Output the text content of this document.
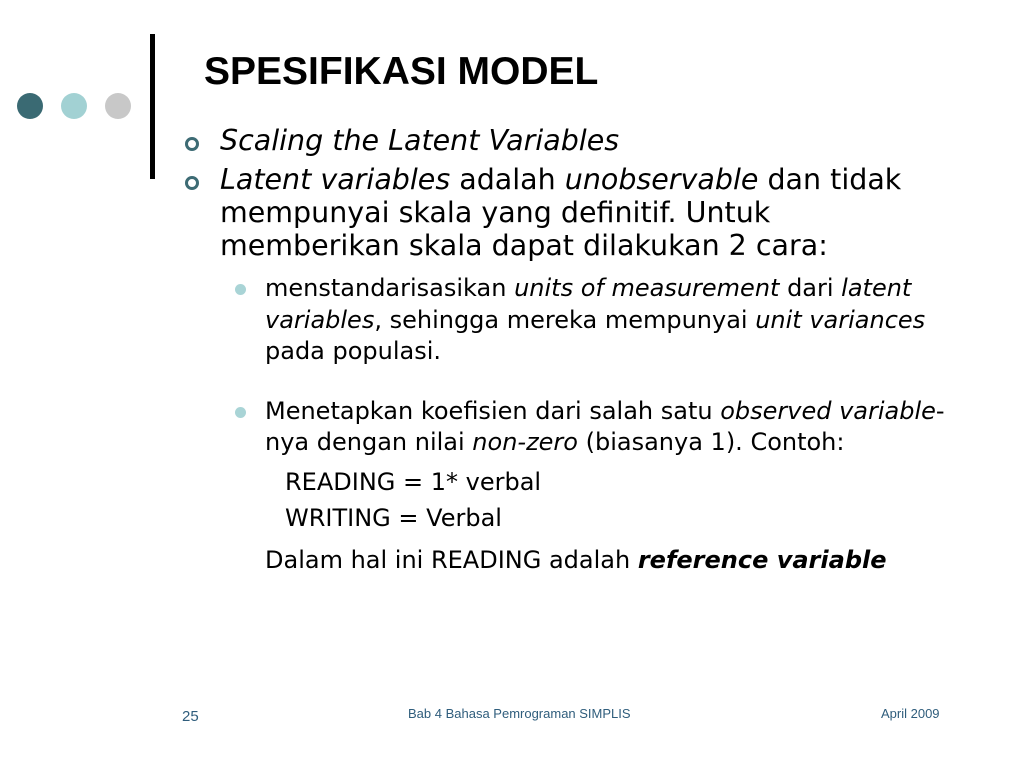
SPESIFIKASI MODEL
Scaling the Latent Variables
Latent variables adalah unobservable dan tidak mempunyai skala yang definitif. Untuk memberikan skala dapat dilakukan 2 cara:
menstandarisasikan units of measurement dari latent variables, sehingga mereka mempunyai unit variances pada populasi.
Menetapkan koefisien dari salah satu observed variable-nya dengan nilai non-zero (biasanya 1). Contoh:
READING = 1* verbal
WRITING = Verbal
Dalam hal ini READING adalah reference variable
25	Bab 4 Bahasa Pemrograman SIMPLIS	April 2009
